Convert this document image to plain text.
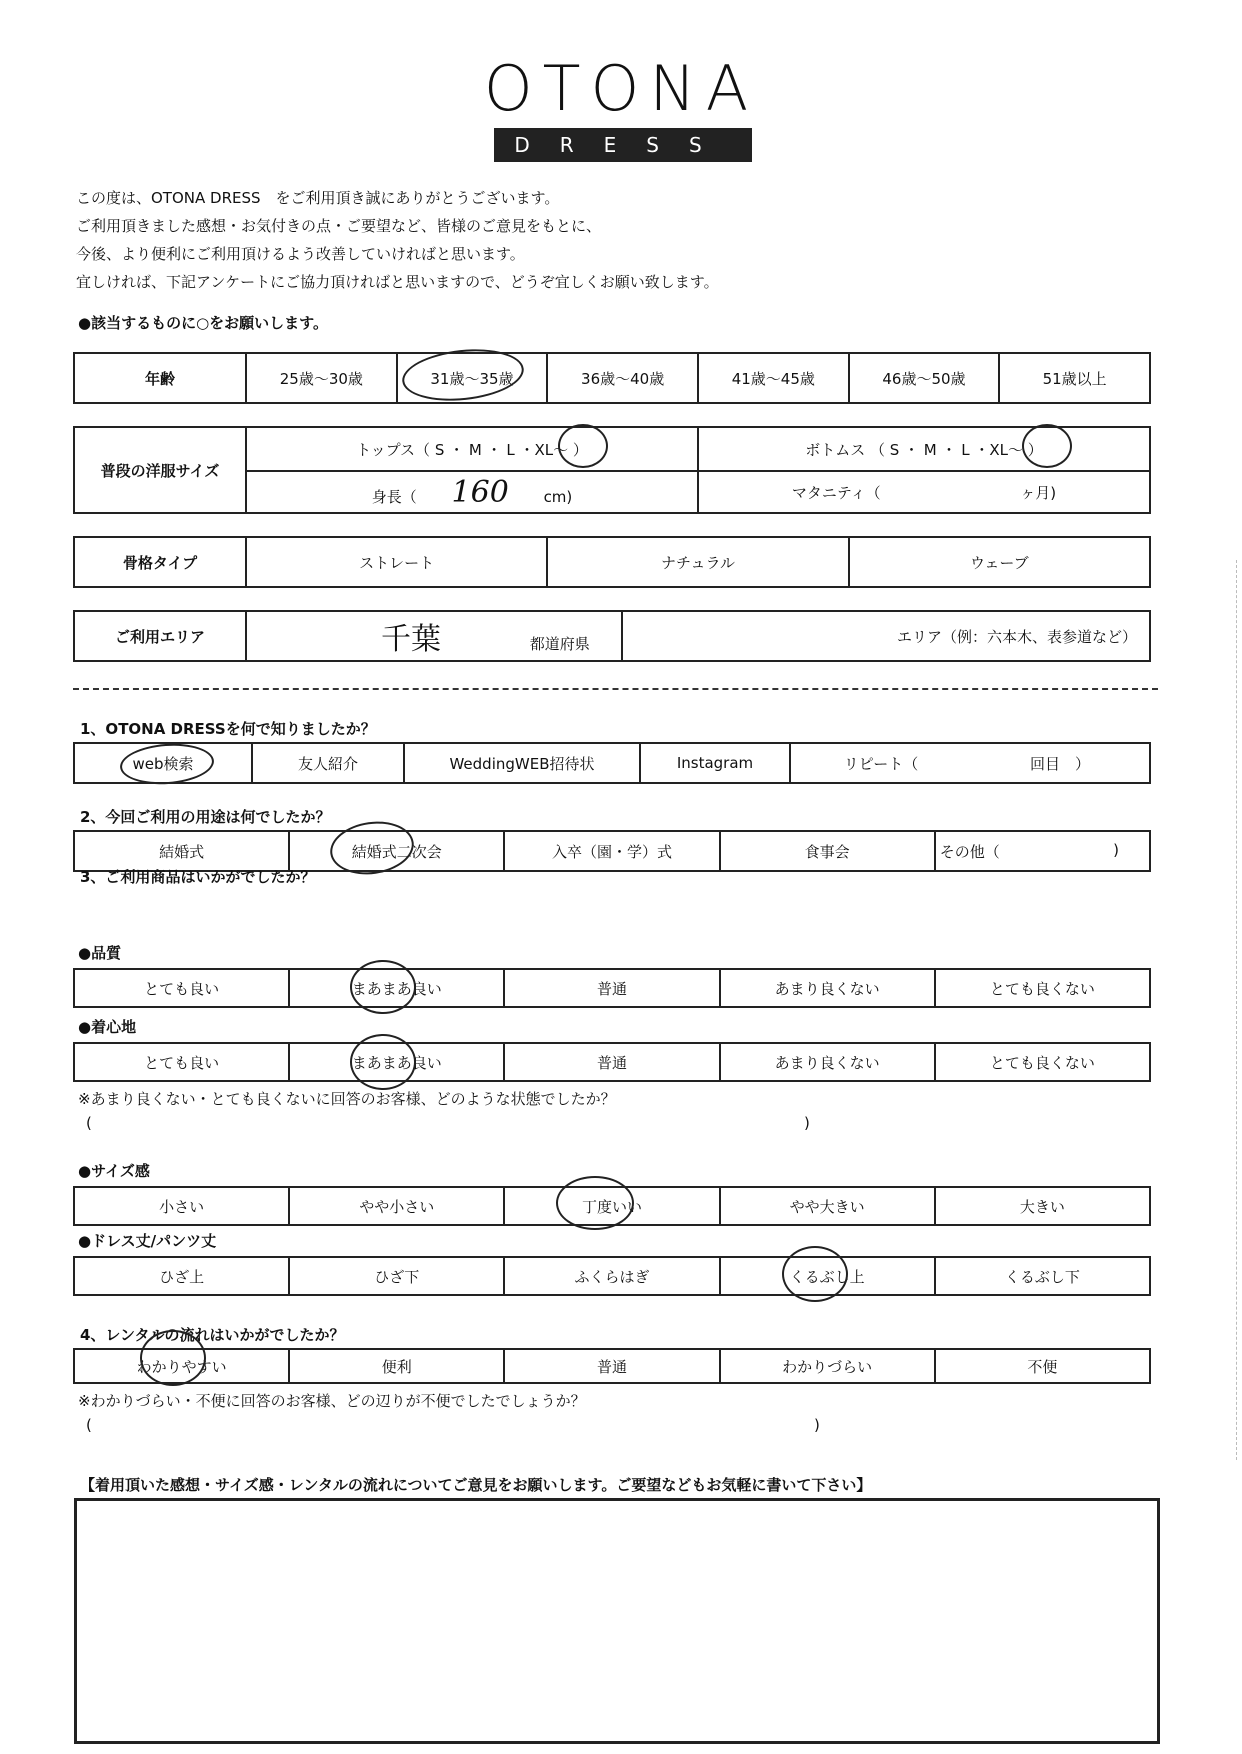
OTONA
DRESS
この度は、OTONA DRESS　をご利用頂き誠にありがとうございます。
ご利用頂きました感想・お気付きの点・ご要望など、皆様のご意見をもとに、
今後、より便利にご利用頂けるよう改善していければと思います。
宜しければ、下記アンケートにご協力頂ければと思いますので、どうぞ宜しくお願い致します。
●該当するものに○をお願いします。
年齢	25歳～30歳	31歳～35歳	36歳～40歳	41歳～45歳	46歳～50歳	51歳以上
普段の洋服サイズ	トップス（ S ・ M ・ L ・XL～ ）	ボトムス （ S ・ M ・ L ・XL～ ）
	身長（ 160 cm)	マタニティ（ ヶ月)
骨格タイプ	ストレート	ナチュラル	ウェーブ
ご利用エリア	千葉	都道府県	エリア（例：六本木、表参道など）
1、OTONA DRESSを何で知りましたか？
web検索	友人紹介	WeddingWEB招待状	Instagram	リピート（	回目　）
2、今回ご利用の用途は何でしたか？
結婚式	結婚式二次会	入卒（園・学）式	食事会	その他（	)
3、ご利用商品はいかがでしたか？
●品質
とても良い	まあまあ良い	普通	あまり良くない	とても良くない
●着心地
とても良い	まあまあ良い	普通	あまり良くない	とても良くない
※あまり良くない・とても良くないに回答のお客様、どのような状態でしたか？
(	)
●サイズ感
小さい	やや小さい	丁度いい	やや大きい	大きい
●ドレス丈/パンツ丈
ひざ上	ひざ下	ふくらはぎ	くるぶし上	くるぶし下
4、レンタルの流れはいかがでしたか？
わかりやすい	便利	普通	わかりづらい	不便
※わかりづらい・不便に回答のお客様、どの辺りが不便でしたでしょうか？
(	)
【着用頂いた感想・サイズ感・レンタルの流れについてご意見をお願いします。ご要望などもお気軽に書いて下さい】
